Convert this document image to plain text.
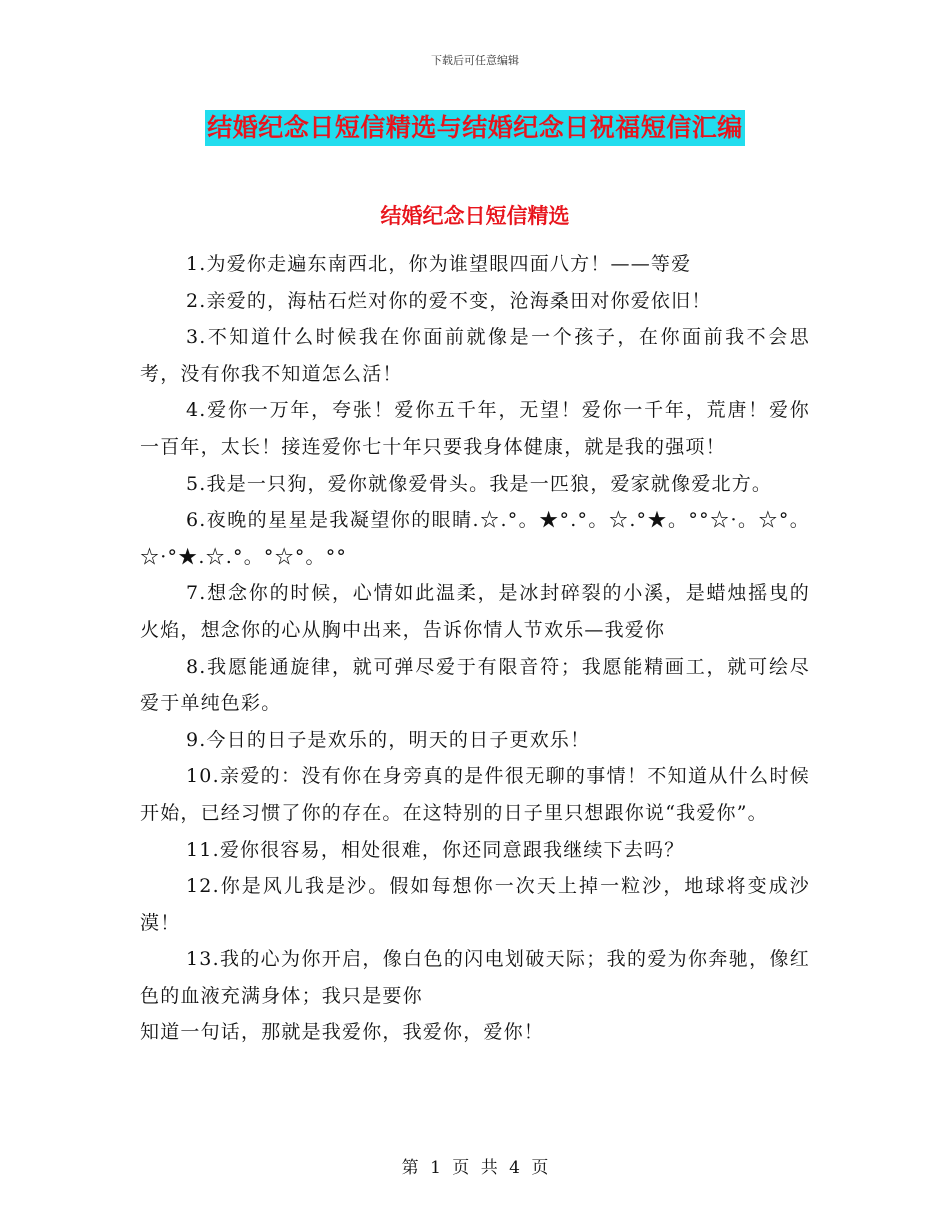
下载后可任意编辑
结婚纪念日短信精选与结婚纪念日祝福短信汇编
结婚纪念日短信精选

1.为爱你走遍东南西北，你为谁望眼四面八方！——等爱

2.亲爱的，海枯石烂对你的爱不变，沧海桑田对你爱依旧！

3.不知道什么时候我在你面前就像是一个孩子，在你面前我不会思考，没有你我不知道怎么活！

4.爱你一万年，夸张！爱你五千年，无望！爱你一千年，荒唐！爱你一百年，太长！接连爱你七十年只要我身体健康，就是我的强项！

5.我是一只狗，爱你就像爱骨头。我是一匹狼，爱家就像爱北方。

6.夜晚的星星是我凝望你的眼睛.☆.°。★°.°。☆.°★。°°☆·。☆°。☆·°★.☆.°。°☆°。°°

7.想念你的时候，心情如此温柔，是冰封碎裂的小溪，是蜡烛摇曳的火焰，想念你的心从胸中出来，告诉你情人节欢乐—我爱你

8.我愿能通旋律，就可弹尽爱于有限音符；我愿能精画工，就可绘尽爱于单纯色彩。

9.今日的日子是欢乐的，明天的日子更欢乐！

10.亲爱的：没有你在身旁真的是件很无聊的事情！不知道从什么时候开始，已经习惯了你的存在。在这特别的日子里只想跟你说“我爱你”。

11.爱你很容易，相处很难，你还同意跟我继续下去吗？

12.你是风儿我是沙。假如每想你一次天上掉一粒沙，地球将变成沙漠！

13.我的心为你开启，像白色的闪电划破天际；我的爱为你奔驰，像红色的血液充满身体；我只是要你

知道一句话，那就是我爱你，我爱你，爱你！

第 1 页 共 4 页
